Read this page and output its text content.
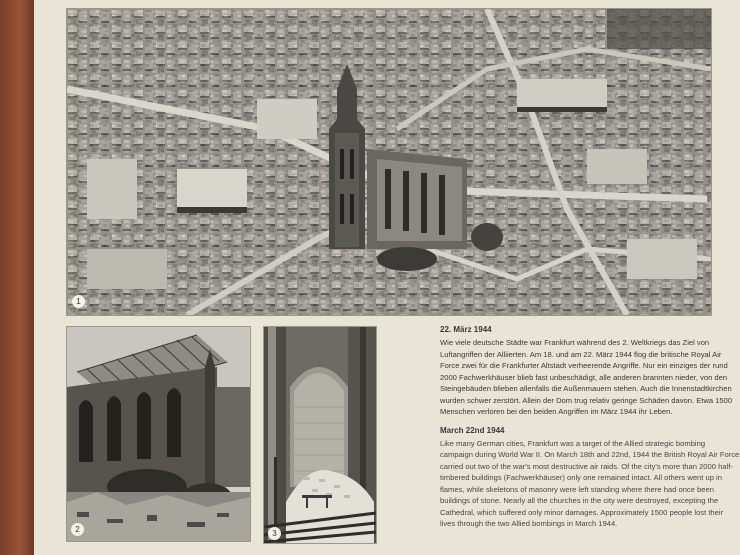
1
2	3
22. März 1944

Wie viele deutsche Städte war Frankfurt während des 2. Weltkriegs das Ziel von Luftangriffen der Alliierten. Am 18. und am 22. März 1944 flog die britische Royal Air Force zwei für die Frankfurter Altstadt verheerende Angriffe. Nur ein einziges der rund 2000 Fachwerkhäuser blieb fast unbeschädigt, alle anderen brannten nieder, von den Steingebäuden blieben allenfalls die Außenmauern stehen. Auch die Innenstadtkirchen wurden schwer zerstört. Allein der Dom trug relativ geringe Schäden davon. Etwa 1500 Menschen verloren bei den beiden Angriffen im März 1944 ihr Leben.

March 22nd 1944

Like many German cities, Frankfurt was a target of the Allied strategic bombing campaign during World War II. On March 18th and 22nd, 1944 the British Royal Air Force carried out two of the war's most destructive air raids. Of the city's more than 2000 half-timbered buildings (Fachwerkhäuser) only one remained intact. All others went up in flames, while skeletons of masonry were left standing where there had once been buildings of stone. Nearly all the churches in the city were destroyed, excepting the Cathedral, which suffered only minor damages. Approximately 1500 people lost their lives through the two Allied bombings in March 1944.
